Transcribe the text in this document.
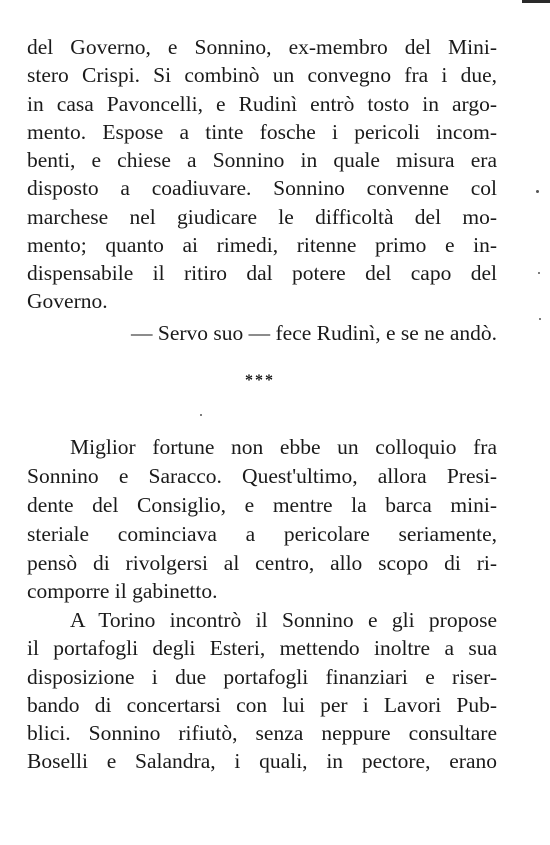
del Governo, e Sonnino, ex-membro del Mini-
stero Crispi. Si combinò un convegno fra i due,
in casa Pavoncelli, e Rudinì entrò tosto in argo-
mento. Espose a tinte fosche i pericoli incom-
benti, e chiese a Sonnino in quale misura era
disposto a coadiuvare. Sonnino convenne col
marchese nel giudicare le difficoltà del mo-
mento; quanto ai rimedi, ritenne primo e in-
dispensabile il ritiro dal potere del capo del
Governo.
— Servo suo — fece Rudinì, e se ne andò.
***
Miglior fortune non ebbe un colloquio fra
Sonnino e Saracco. Quest'ultimo, allora Presi-
dente del Consiglio, e mentre la barca mini-
steriale cominciava a pericolare seriamente,
pensò di rivolgersi al centro, allo scopo di ri-
comporre il gabinetto.
A Torino incontrò il Sonnino e gli propose
il portafogli degli Esteri, mettendo inoltre a sua
disposizione i due portafogli finanziari e riser-
bando di concertarsi con lui per i Lavori Pub-
blici. Sonnino rifiutò, senza neppure consultare
Boselli e Salandra, i quali, in pectore, erano
